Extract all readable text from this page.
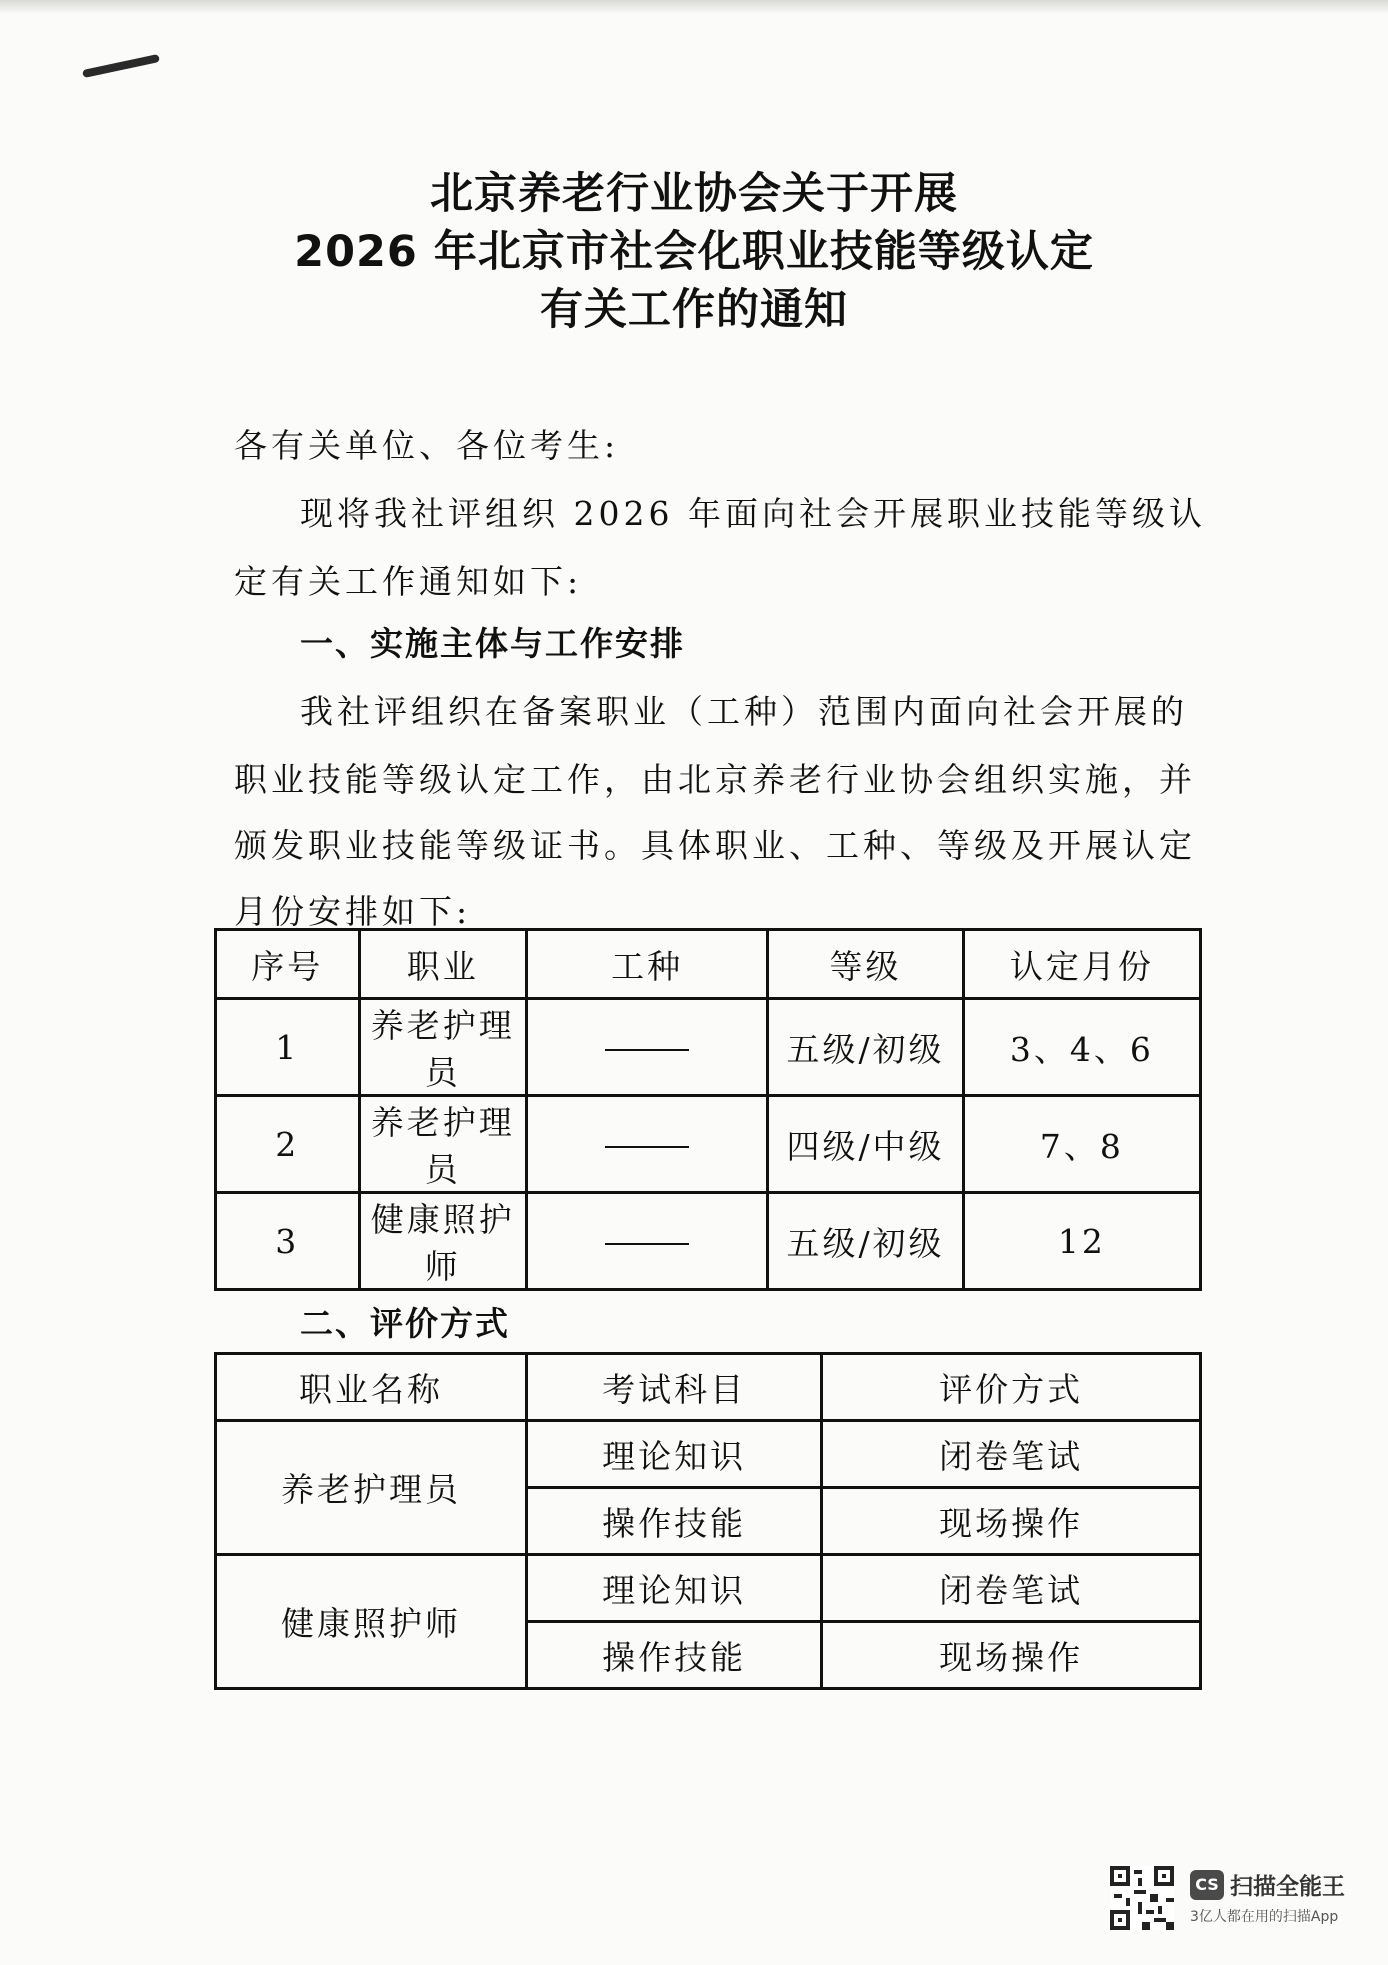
北京养老行业协会关于开展
2026 年北京市社会化职业技能等级认定
有关工作的通知
各有关单位、各位考生:
现将我社评组织 2026 年面向社会开展职业技能等级认
定有关工作通知如下:
一、实施主体与工作安排
我社评组织在备案职业（工种）范围内面向社会开展的
职业技能等级认定工作，由北京养老行业协会组织实施，并
颁发职业技能等级证书。具体职业、工种、等级及开展认定
月份安排如下:
序号	职业	工种	等级	认定月份
1	养老护理员		五级/初级	3、4、6
2	养老护理员		四级/中级	7、8
3	健康照护师		五级/初级	12
二、评价方式
职业名称	考试科目	评价方式
养老护理员	理论知识	闭卷笔试
	操作技能	现场操作
健康照护师	理论知识	闭卷笔试
	操作技能	现场操作
CS 扫描全能王
3亿人都在用的扫描App
